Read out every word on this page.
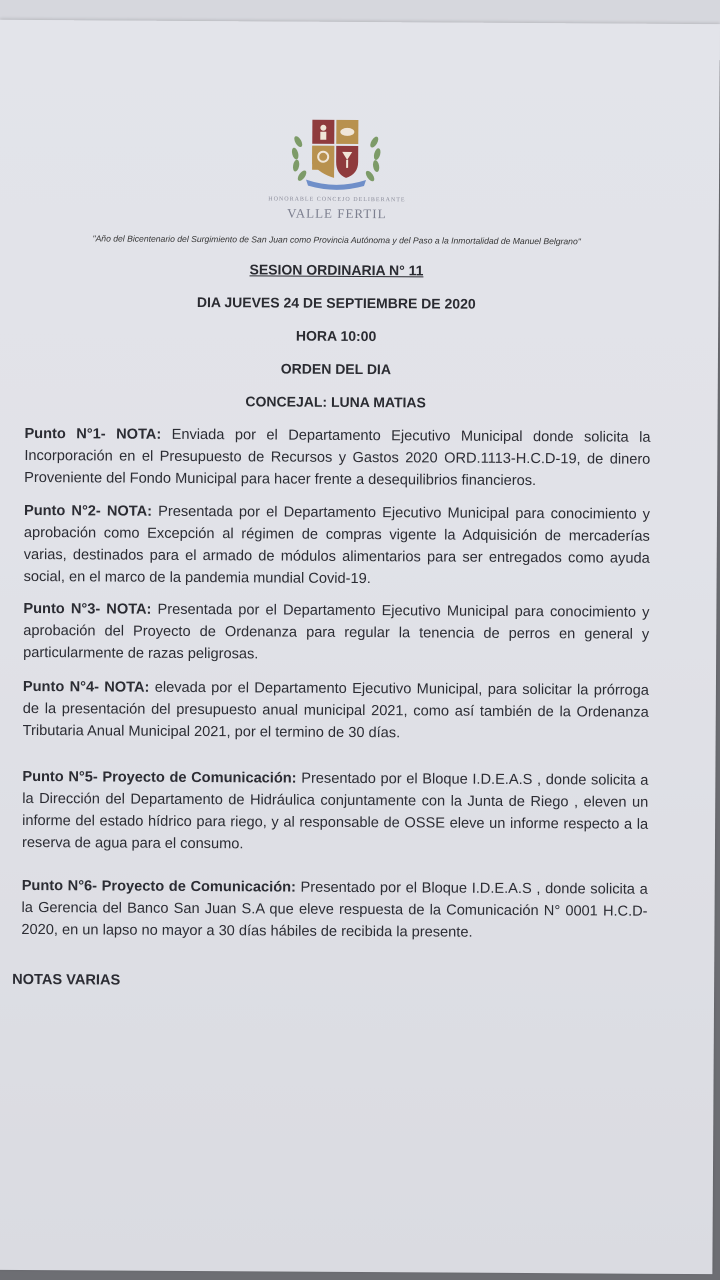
HONORABLE CONCEJO DELIBERANTE
VALLE FERTIL
"Año del Bicentenario del Surgimiento de San Juan como Provincia Autónoma y del Paso a la Inmortalidad de Manuel Belgrano"
SESION ORDINARIA N° 11
DIA JUEVES 24 DE SEPTIEMBRE DE 2020
HORA 10:00
ORDEN DEL DIA
CONCEJAL: LUNA MATIAS
Punto N°1- NOTA: Enviada por el Departamento Ejecutivo Municipal donde solicita la Incorporación en el Presupuesto de Recursos y Gastos 2020 ORD.1113-H.C.D-19, de dinero Proveniente del Fondo Municipal para hacer frente a desequilibrios financieros.
Punto N°2- NOTA: Presentada por el Departamento Ejecutivo Municipal para conocimiento y aprobación como Excepción al régimen de compras vigente la Adquisición de mercaderías varias, destinados para el armado de módulos alimentarios para ser entregados como ayuda social, en el marco de la pandemia mundial Covid-19.
Punto N°3- NOTA: Presentada por el Departamento Ejecutivo Municipal para conocimiento y aprobación del Proyecto de Ordenanza para regular la tenencia de perros en general y particularmente de razas peligrosas.
Punto N°4- NOTA: elevada por el Departamento Ejecutivo Municipal, para solicitar la prórroga de la presentación del presupuesto anual municipal 2021, como así también de la Ordenanza Tributaria Anual Municipal 2021, por el termino de 30 días.
Punto N°5- Proyecto de Comunicación: Presentado por el Bloque I.D.E.A.S , donde solicita a la Dirección del Departamento de Hidráulica conjuntamente con la Junta de Riego , eleven un informe del estado hídrico para riego, y al responsable de OSSE eleve un informe respecto a la reserva de agua para el consumo.
Punto N°6- Proyecto de Comunicación: Presentado por el Bloque I.D.E.A.S , donde solicita a la Gerencia del Banco San Juan S.A que eleve respuesta de la Comunicación N° 0001 H.C.D-2020, en un lapso no mayor a 30 días hábiles de recibida la presente.
NOTAS VARIAS
